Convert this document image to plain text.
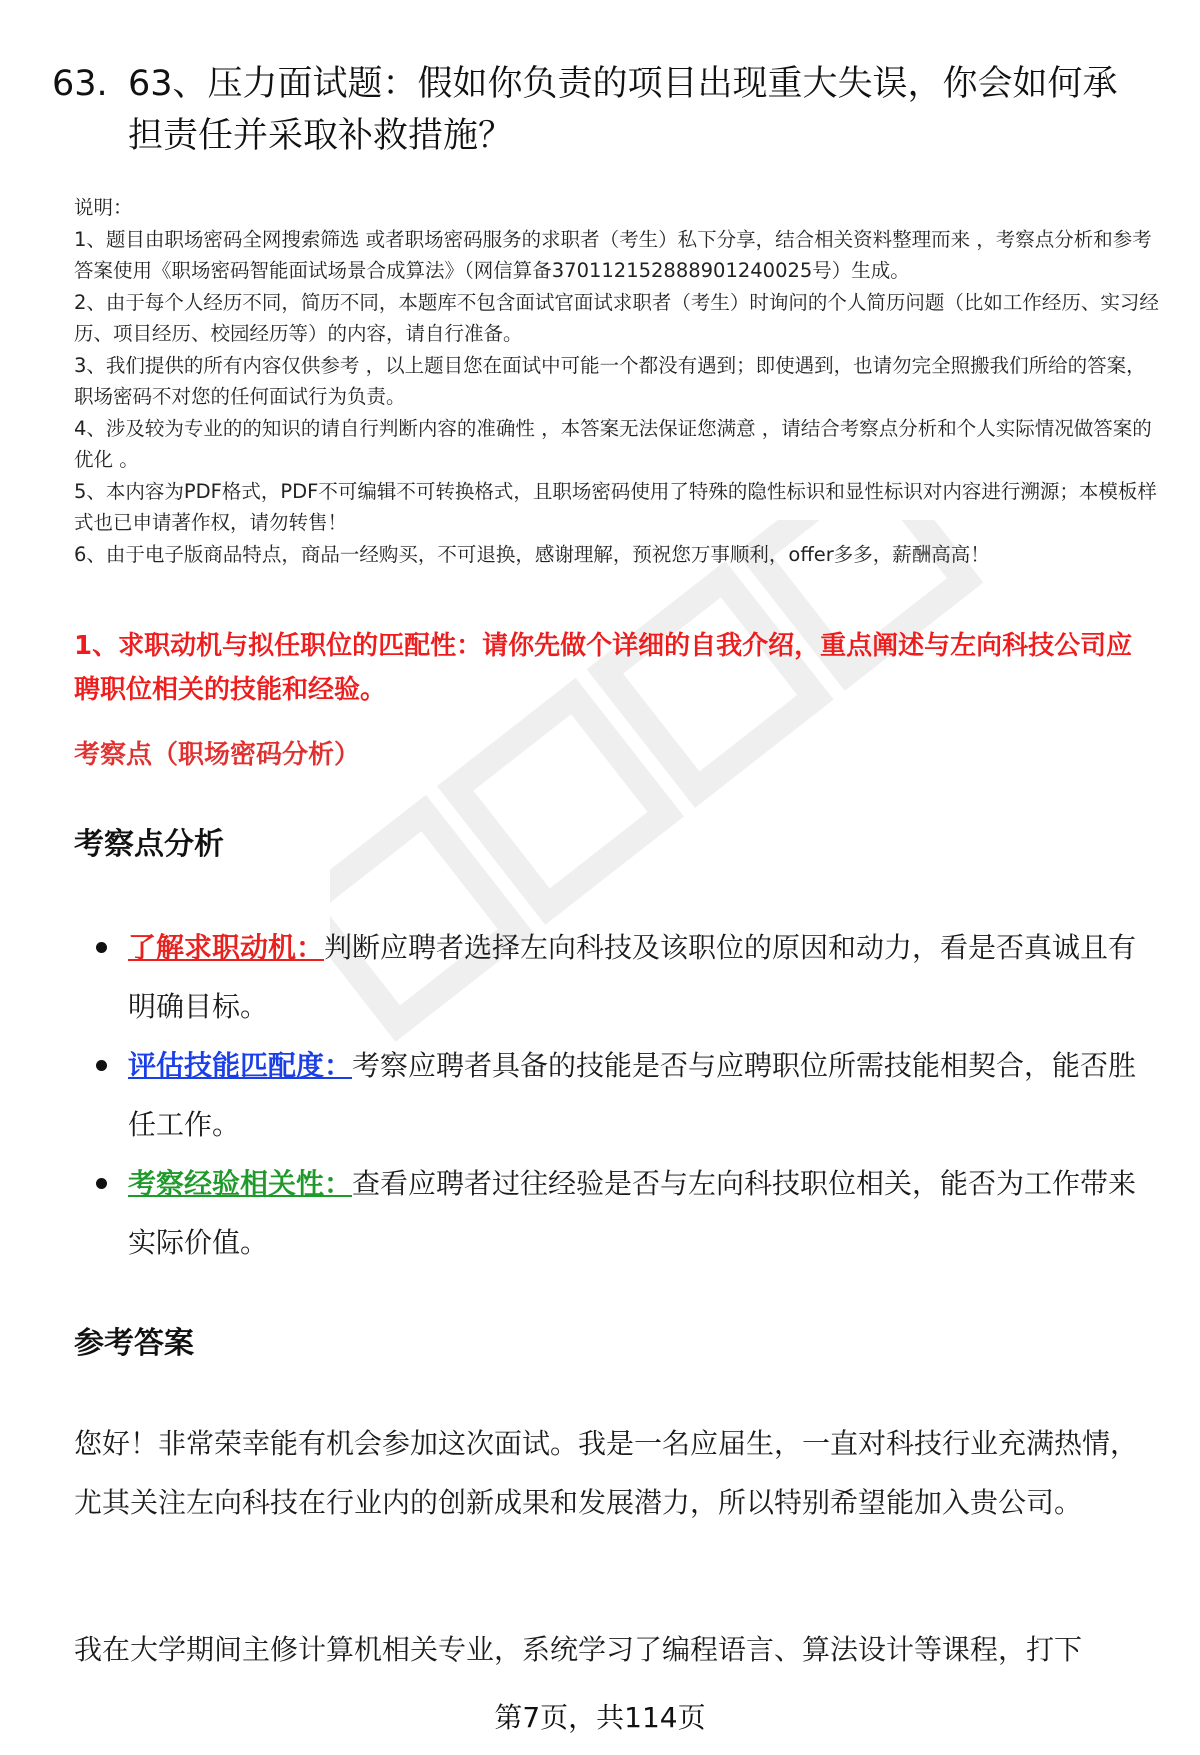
63. 63、压力面试题：假如你负责的项目出现重大失误，你会如何承担责任并采取补救措施？

说明：

1、题目由职场密码全网搜索筛选 或者职场密码服务的求职者（考生）私下分享，结合相关资料整理而来 ，考察点分析和参考答案使用《职场密码智能面试场景合成算法》（网信算备370112152888901240025号）生成。

2、由于每个人经历不同，简历不同，本题库不包含面试官面试求职者（考生）时询问的个人简历问题（比如工作经历、实习经历、项目经历、校园经历等）的内容，请自行准备。

3、我们提供的所有内容仅供参考 ，以上题目您在面试中可能一个都没有遇到；即使遇到，也请勿完全照搬我们所给的答案，职场密码不对您的任何面试行为负责。

4、涉及较为专业的的知识的请自行判断内容的准确性 ，本答案无法保证您满意 ，请结合考察点分析和个人实际情况做答案的优化 。

5、本内容为PDF格式，PDF不可编辑不可转换格式，且职场密码使用了特殊的隐性标识和显性标识对内容进行溯源；本模板样式也已申请著作权，请勿转售！

6、由于电子版商品特点，商品一经购买，不可退换，感谢理解，预祝您万事顺利，offer多多，薪酬高高！

1、求职动机与拟任职位的匹配性：请你先做个详细的自我介绍，重点阐述与左向科技公司应聘职位相关的技能和经验。
考察点（职场密码分析）
考察点分析
了解求职动机：判断应聘者选择左向科技及该职位的原因和动力，看是否真诚且有明确目标。
评估技能匹配度：考察应聘者具备的技能是否与应聘职位所需技能相契合，能否胜任工作。
考察经验相关性：查看应聘者过往经验是否与左向科技职位相关，能否为工作带来实际价值。
参考答案

您好！非常荣幸能有机会参加这次面试。我是一名应届生，一直对科技行业充满热情，尤其关注左向科技在行业内的创新成果和发展潜力，所以特别希望能加入贵公司。

我在大学期间主修计算机相关专业，系统学习了编程语言、算法设计等课程，打下

第7页，共114页
